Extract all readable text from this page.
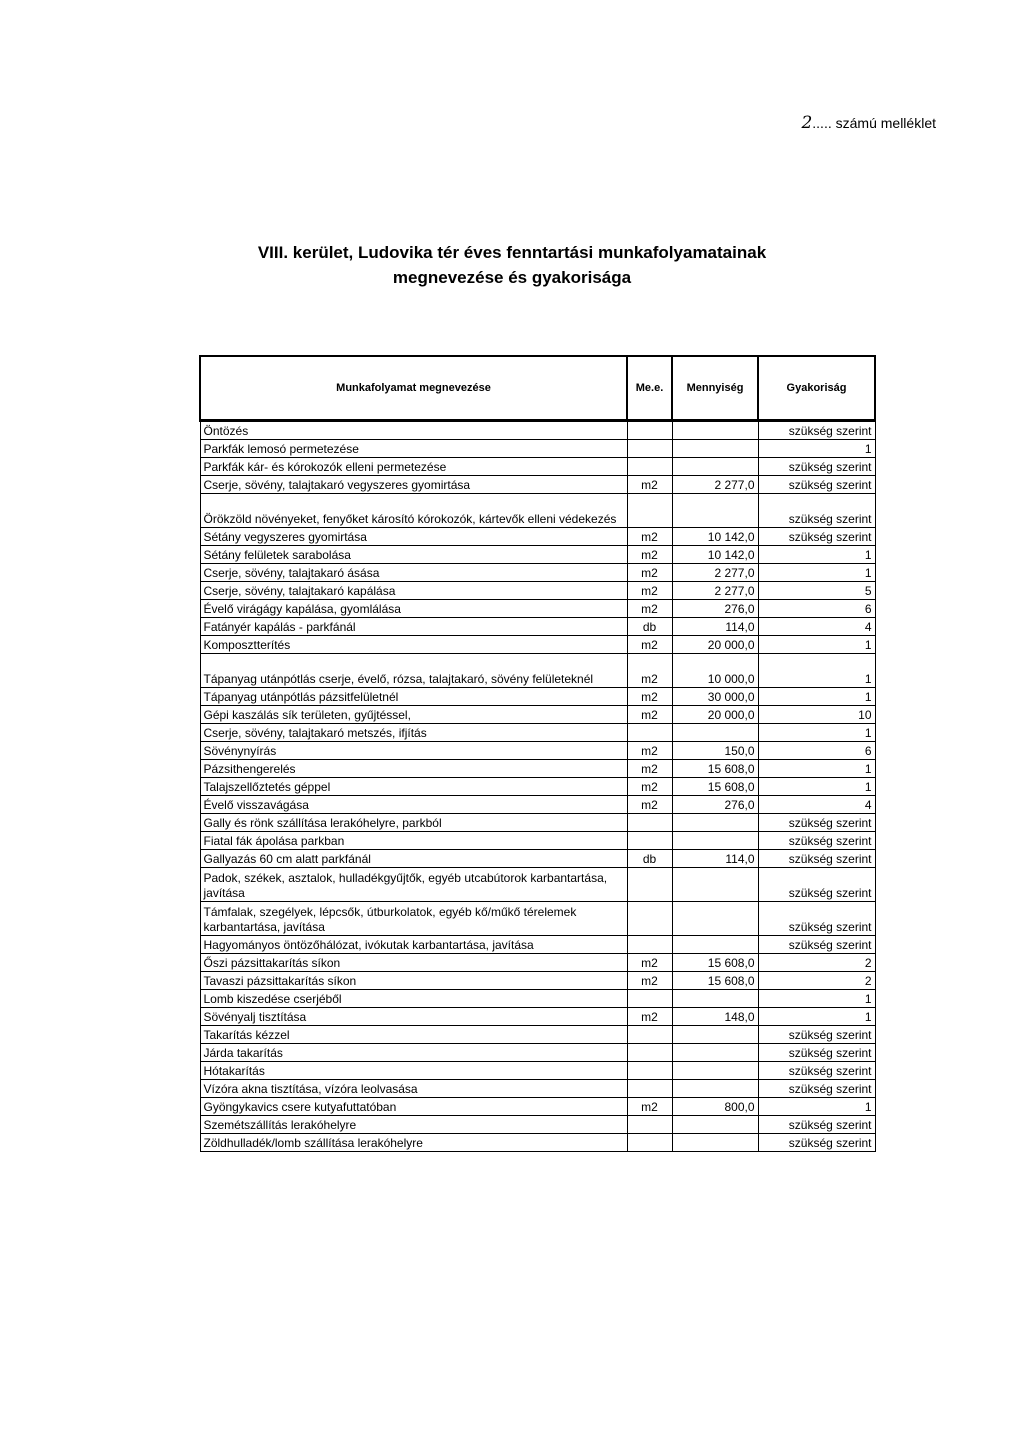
2..... számú melléklet
VIII. kerület, Ludovika tér éves fenntartási munkafolyamatainak
megnevezése és gyakorisága
Munkafolyamat megnevezése	Me.e.	Mennyiség	Gyakoriság
Öntözés			szükség szerint
Parkfák lemosó permetezése			1
Parkfák kár- és kórokozók elleni permetezése			szükség szerint
Cserje, sövény, talajtakaró vegyszeres gyomirtása	m2	2 277,0	szükség szerint
Örökzöld növényeket, fenyőket károsító kórokozók, kártevők elleni védekezés			szükség szerint
Sétány vegyszeres gyomirtása	m2	10 142,0	szükség szerint
Sétány felületek sarabolása	m2	10 142,0	1
Cserje, sövény, talajtakaró ásása	m2	2 277,0	1
Cserje, sövény, talajtakaró kapálása	m2	2 277,0	5
Évelő virágágy kapálása, gyomlálása	m2	276,0	6
Fatányér kapálás - parkfánál	db	114,0	4
Komposztterítés	m2	20 000,0	1
Tápanyag utánpótlás cserje, évelő, rózsa, talajtakaró, sövény felületeknél	m2	10 000,0	1
Tápanyag utánpótlás pázsitfelületnél	m2	30 000,0	1
Gépi kaszálás sík területen, gyűjtéssel,	m2	20 000,0	10
Cserje, sövény, talajtakaró metszés, ifjítás			1
Sövénynyírás	m2	150,0	6
Pázsithengerelés	m2	15 608,0	1
Talajszellőztetés géppel	m2	15 608,0	1
Évelő visszavágása	m2	276,0	4
Gally és rönk szállítása lerakóhelyre, parkból			szükség szerint
Fiatal fák ápolása parkban			szükség szerint
Gallyazás 60 cm alatt parkfánál	db	114,0	szükség szerint
Padok, székek, asztalok, hulladékgyűjtők, egyéb utcabútorok karbantartása, javítása			szükség szerint
Támfalak, szegélyek, lépcsők, útburkolatok, egyéb kő/műkő térelemek karbantartása, javítása			szükség szerint
Hagyományos öntözőhálózat, ivókutak karbantartása, javítása			szükség szerint
Őszi pázsittakarítás síkon	m2	15 608,0	2
Tavaszi pázsittakarítás síkon	m2	15 608,0	2
Lomb kiszedése cserjéből			1
Sövényalj tisztítása	m2	148,0	1
Takarítás kézzel			szükség szerint
Járda takarítás			szükség szerint
Hótakarítás			szükség szerint
Vízóra akna tisztítása, vízóra leolvasása			szükség szerint
Gyöngykavics csere kutyafuttatóban	m2	800,0	1
Szemétszállítás lerakóhelyre			szükség szerint
Zöldhulladék/lomb szállítása lerakóhelyre			szükség szerint
